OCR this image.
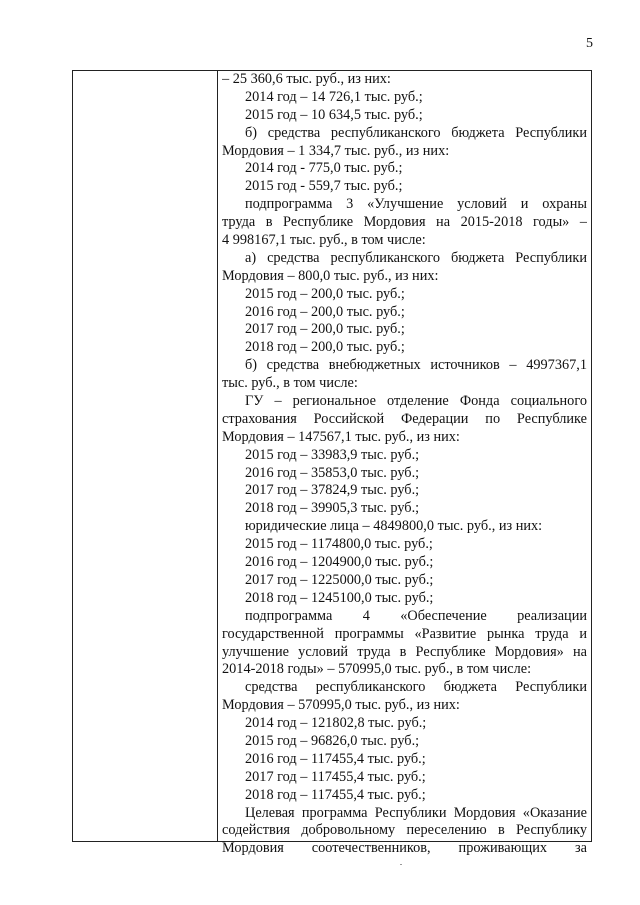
5
– 25 360,6 тыс. руб., из них:
2014 год – 14 726,1 тыс. руб.;
2015 год – 10 634,5 тыс. руб.;
б) средства республиканского бюджета Республики
Мордовия – 1 334,7 тыс. руб., из них:
2014 год - 775,0 тыс. руб.;
2015 год - 559,7 тыс. руб.;
подпрограмма 3 «Улучшение условий и охраны
труда в Республике Мордовия на 2015-2018 годы» –
4 998167,1 тыс. руб., в том числе:
а) средства республиканского бюджета Республики
Мордовия – 800,0 тыс. руб., из них:
2015 год – 200,0 тыс. руб.;
2016 год – 200,0 тыс. руб.;
2017 год – 200,0 тыс. руб.;
2018 год – 200,0 тыс. руб.;
б) средства внебюджетных источников – 4997367,1
тыс. руб., в том числе:
ГУ – региональное отделение Фонда социального
страхования Российской Федерации по Республике
Мордовия – 147567,1 тыс. руб., из них:
2015 год – 33983,9 тыс. руб.;
2016 год – 35853,0 тыс. руб.;
2017 год – 37824,9 тыс. руб.;
2018 год – 39905,3 тыс. руб.;
юридические лица – 4849800,0 тыс. руб., из них:
2015 год – 1174800,0 тыс. руб.;
2016 год – 1204900,0 тыс. руб.;
2017 год – 1225000,0 тыс. руб.;
2018 год – 1245100,0 тыс. руб.;
подпрограмма 4 «Обеспечение реализации
государственной программы «Развитие рынка труда и
улучшение условий труда в Республике Мордовия» на
2014-2018 годы» – 570995,0 тыс. руб., в том числе:
средства республиканского бюджета Республики
Мордовия – 570995,0 тыс. руб., из них:
2014 год – 121802,8 тыс. руб.;
2015 год – 96826,0 тыс. руб.;
2016 год – 117455,4 тыс. руб.;
2017 год – 117455,4 тыс. руб.;
2018 год – 117455,4 тыс. руб.;
Целевая программа Республики Мордовия «Оказание
содействия добровольному переселению в Республику
Мордовия соотечественников, проживающих за
